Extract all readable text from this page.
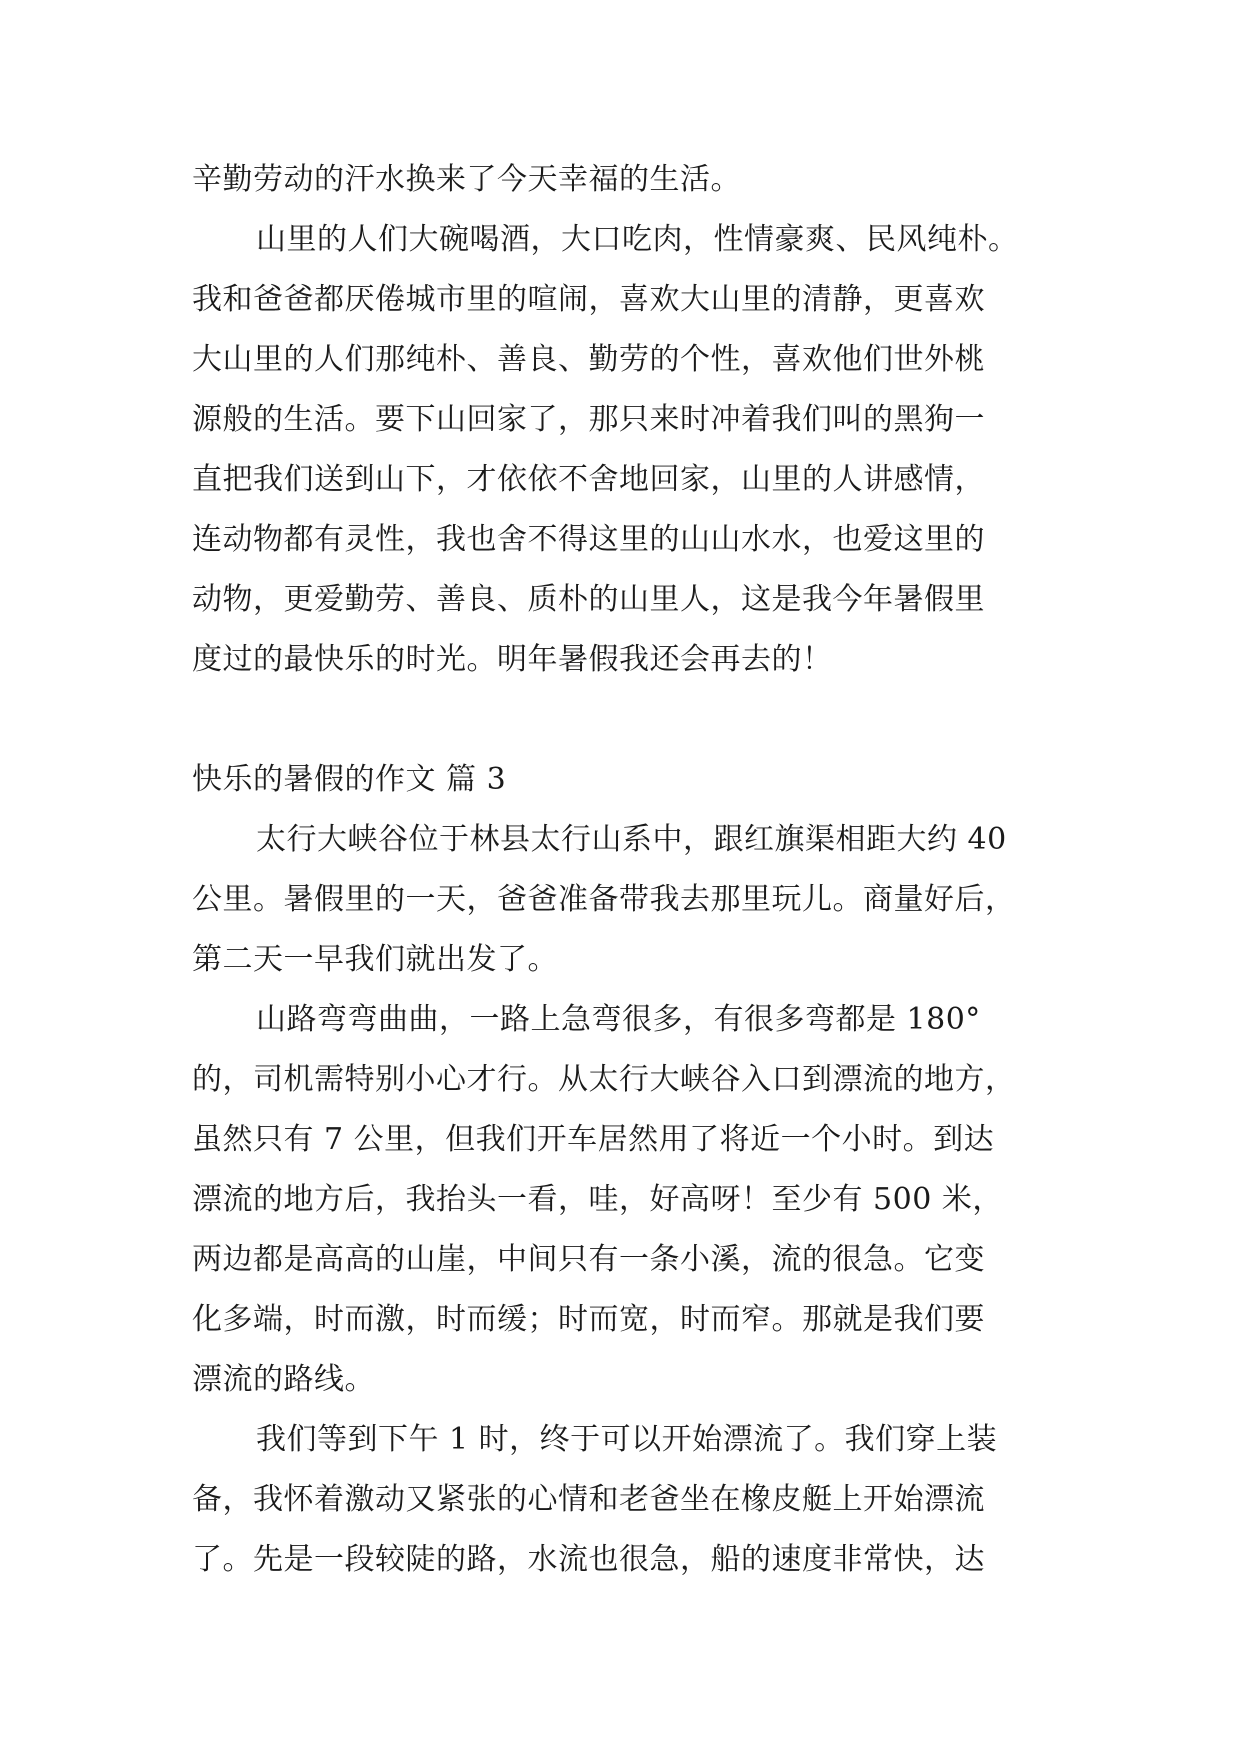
辛勤劳动的汗水换来了今天幸福的生活。
山里的人们大碗喝酒，大口吃肉，性情豪爽、民风纯朴。
我和爸爸都厌倦城市里的喧闹，喜欢大山里的清静，更喜欢
大山里的人们那纯朴、善良、勤劳的个性，喜欢他们世外桃
源般的生活。要下山回家了，那只来时冲着我们叫的黑狗一
直把我们送到山下，才依依不舍地回家，山里的人讲感情，
连动物都有灵性，我也舍不得这里的山山水水，也爱这里的
动物，更爱勤劳、善良、质朴的山里人，这是我今年暑假里
度过的最快乐的时光。明年暑假我还会再去的！
快乐的暑假的作文 篇 3
太行大峡谷位于林县太行山系中，跟红旗渠相距大约 40
公里。暑假里的一天，爸爸准备带我去那里玩儿。商量好后，
第二天一早我们就出发了。
山路弯弯曲曲，一路上急弯很多，有很多弯都是 180°
的，司机需特别小心才行。从太行大峡谷入口到漂流的地方，
虽然只有 7 公里，但我们开车居然用了将近一个小时。到达
漂流的地方后，我抬头一看，哇，好高呀！至少有 500 米，
两边都是高高的山崖，中间只有一条小溪，流的很急。它变
化多端，时而激，时而缓；时而宽，时而窄。那就是我们要
漂流的路线。
我们等到下午 1 时，终于可以开始漂流了。我们穿上装
备，我怀着激动又紧张的心情和老爸坐在橡皮艇上开始漂流
了。先是一段较陡的路，水流也很急，船的速度非常快，达
